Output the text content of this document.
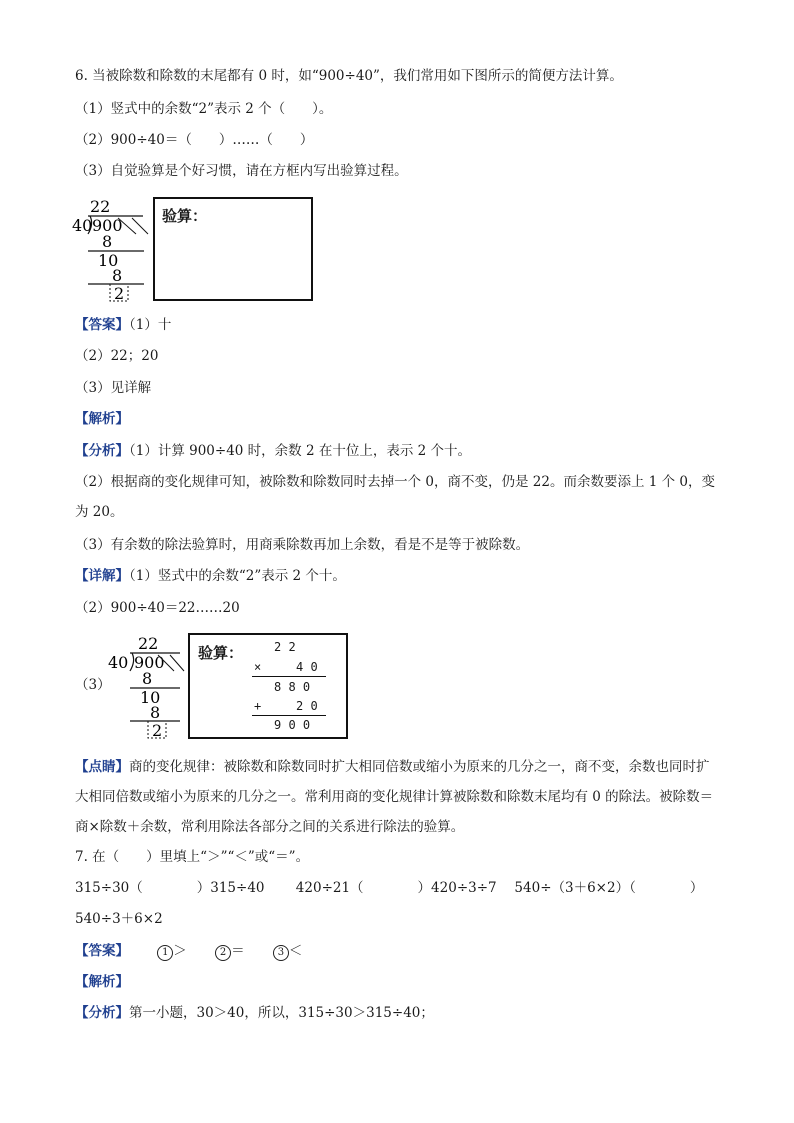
6. 当被除数和除数的末尾都有 0 时，如“900÷40”，我们常用如下图所示的简便方法计算。
（1）竖式中的余数“2”表示 2 个（　　）。
（2）900÷40＝（　　）……（　　）
（3）自觉验算是个好习惯，请在方框内写出验算过程。
22
40 900
8
10
8
2
验算：
【答案】（1）十
（2）22；20
（3）见详解
【解析】
【分析】（1）计算 900÷40 时，余数 2 在十位上，表示 2 个十。
（2）根据商的变化规律可知，被除数和除数同时去掉一个 0，商不变，仍是 22。而余数要添上 1 个 0，变为 20。
（3）有余数的除法验算时，用商乘除数再加上余数，看是不是等于被除数。
【详解】（1）竖式中的余数“2”表示 2 个十。
（2）900÷40＝22……20
（3）
22
40 900
8
10
8
2
验算：	2 2
×	4 0
8 8 0
+	2 0
9 0 0
【点睛】商的变化规律：被除数和除数同时扩大相同倍数或缩小为原来的几分之一，商不变，余数也同时扩大相同倍数或缩小为原来的几分之一。常利用商的变化规律计算被除数和除数末尾均有 0 的除法。被除数＝商×除数＋余数，常利用除法各部分之间的关系进行除法的验算。
7. 在（　　）里填上“＞”“＜”或“＝”。
315÷30（　　　　）315÷40　　 420÷21（　　　　）420÷3÷7　 540÷（3＋6×2）（　　　　）
540÷3＋6×2
【答案】	1 ＞	2 ＝	3 ＜
【解析】
【分析】第一小题，30＞40，所以，315÷30＞315÷40；
